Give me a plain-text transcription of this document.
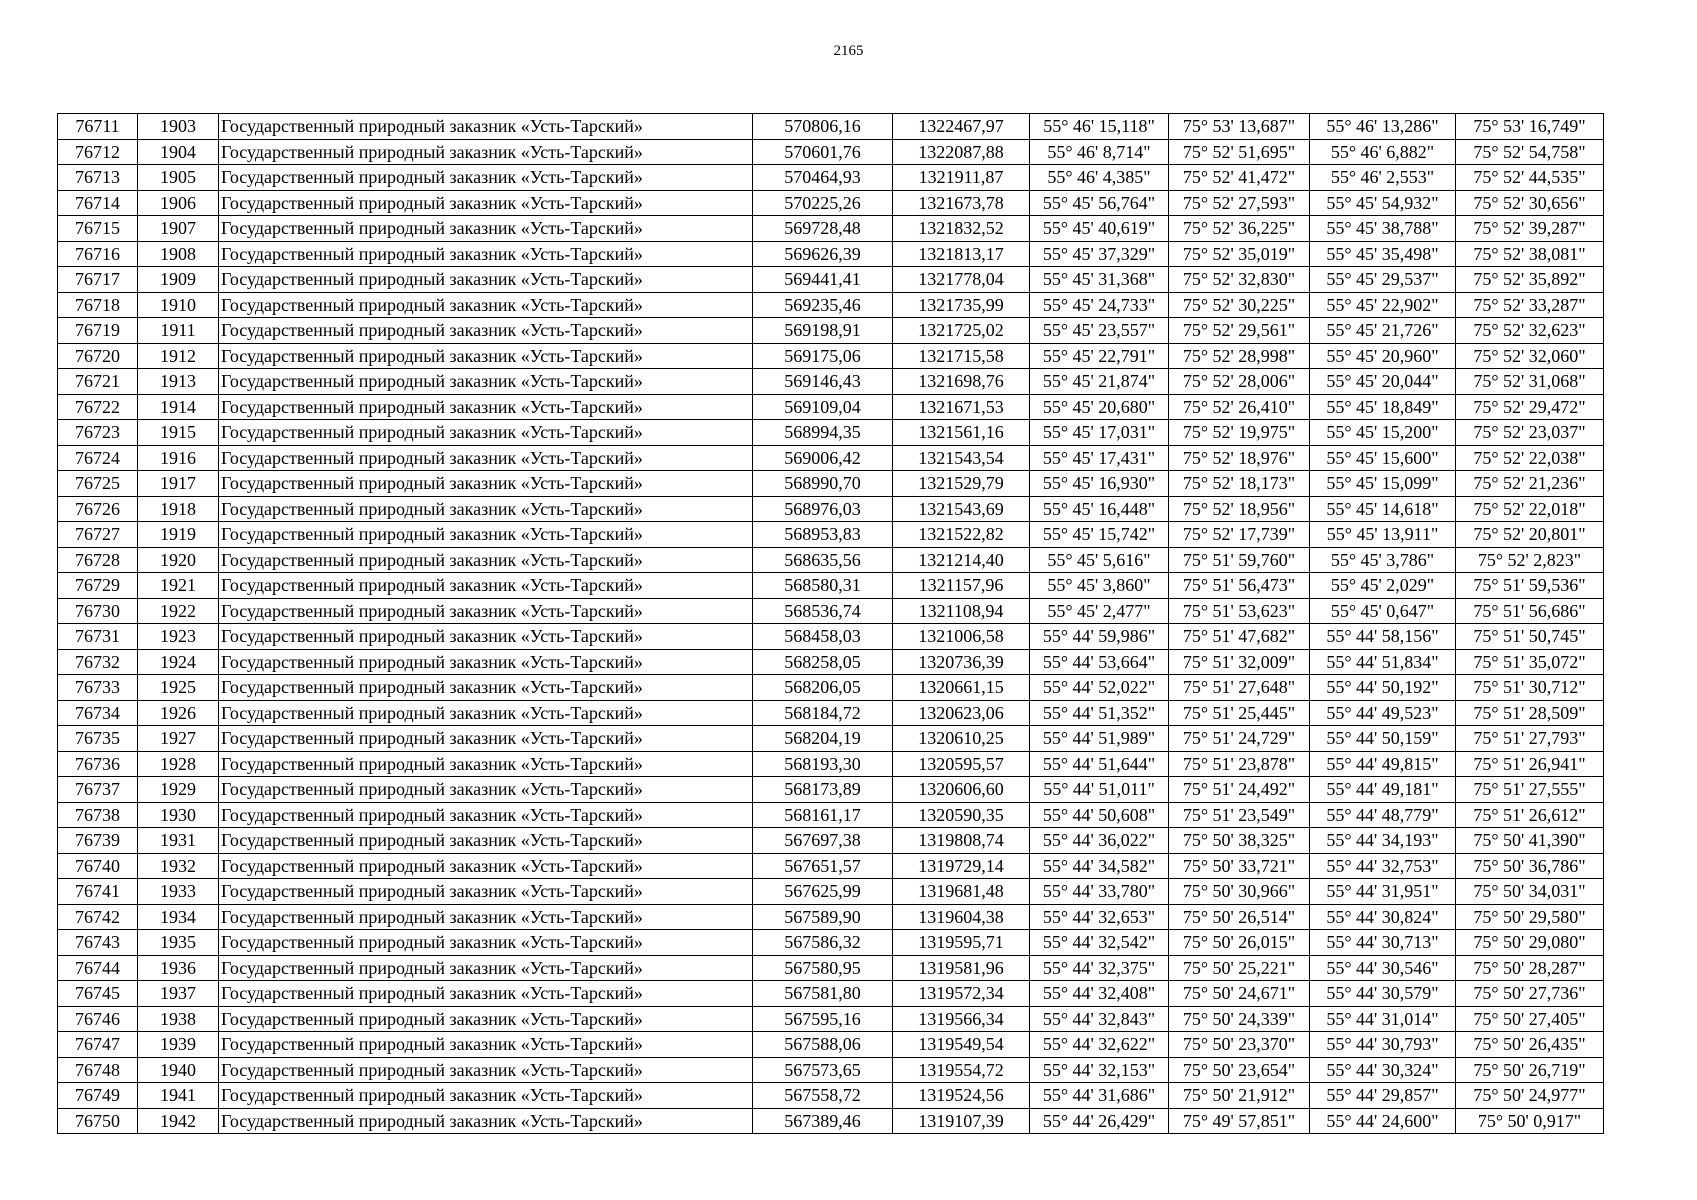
2165
76711	1903	Государственный природный заказник «Усть-Тарский»	570806,16	1322467,97	55° 46' 15,118"	75° 53' 13,687"	55° 46' 13,286"	75° 53' 16,749"
76712	1904	Государственный природный заказник «Усть-Тарский»	570601,76	1322087,88	55° 46' 8,714"	75° 52' 51,695"	55° 46' 6,882"	75° 52' 54,758"
76713	1905	Государственный природный заказник «Усть-Тарский»	570464,93	1321911,87	55° 46' 4,385"	75° 52' 41,472"	55° 46' 2,553"	75° 52' 44,535"
76714	1906	Государственный природный заказник «Усть-Тарский»	570225,26	1321673,78	55° 45' 56,764"	75° 52' 27,593"	55° 45' 54,932"	75° 52' 30,656"
76715	1907	Государственный природный заказник «Усть-Тарский»	569728,48	1321832,52	55° 45' 40,619"	75° 52' 36,225"	55° 45' 38,788"	75° 52' 39,287"
76716	1908	Государственный природный заказник «Усть-Тарский»	569626,39	1321813,17	55° 45' 37,329"	75° 52' 35,019"	55° 45' 35,498"	75° 52' 38,081"
76717	1909	Государственный природный заказник «Усть-Тарский»	569441,41	1321778,04	55° 45' 31,368"	75° 52' 32,830"	55° 45' 29,537"	75° 52' 35,892"
76718	1910	Государственный природный заказник «Усть-Тарский»	569235,46	1321735,99	55° 45' 24,733"	75° 52' 30,225"	55° 45' 22,902"	75° 52' 33,287"
76719	1911	Государственный природный заказник «Усть-Тарский»	569198,91	1321725,02	55° 45' 23,557"	75° 52' 29,561"	55° 45' 21,726"	75° 52' 32,623"
76720	1912	Государственный природный заказник «Усть-Тарский»	569175,06	1321715,58	55° 45' 22,791"	75° 52' 28,998"	55° 45' 20,960"	75° 52' 32,060"
76721	1913	Государственный природный заказник «Усть-Тарский»	569146,43	1321698,76	55° 45' 21,874"	75° 52' 28,006"	55° 45' 20,044"	75° 52' 31,068"
76722	1914	Государственный природный заказник «Усть-Тарский»	569109,04	1321671,53	55° 45' 20,680"	75° 52' 26,410"	55° 45' 18,849"	75° 52' 29,472"
76723	1915	Государственный природный заказник «Усть-Тарский»	568994,35	1321561,16	55° 45' 17,031"	75° 52' 19,975"	55° 45' 15,200"	75° 52' 23,037"
76724	1916	Государственный природный заказник «Усть-Тарский»	569006,42	1321543,54	55° 45' 17,431"	75° 52' 18,976"	55° 45' 15,600"	75° 52' 22,038"
76725	1917	Государственный природный заказник «Усть-Тарский»	568990,70	1321529,79	55° 45' 16,930"	75° 52' 18,173"	55° 45' 15,099"	75° 52' 21,236"
76726	1918	Государственный природный заказник «Усть-Тарский»	568976,03	1321543,69	55° 45' 16,448"	75° 52' 18,956"	55° 45' 14,618"	75° 52' 22,018"
76727	1919	Государственный природный заказник «Усть-Тарский»	568953,83	1321522,82	55° 45' 15,742"	75° 52' 17,739"	55° 45' 13,911"	75° 52' 20,801"
76728	1920	Государственный природный заказник «Усть-Тарский»	568635,56	1321214,40	55° 45' 5,616"	75° 51' 59,760"	55° 45' 3,786"	75° 52' 2,823"
76729	1921	Государственный природный заказник «Усть-Тарский»	568580,31	1321157,96	55° 45' 3,860"	75° 51' 56,473"	55° 45' 2,029"	75° 51' 59,536"
76730	1922	Государственный природный заказник «Усть-Тарский»	568536,74	1321108,94	55° 45' 2,477"	75° 51' 53,623"	55° 45' 0,647"	75° 51' 56,686"
76731	1923	Государственный природный заказник «Усть-Тарский»	568458,03	1321006,58	55° 44' 59,986"	75° 51' 47,682"	55° 44' 58,156"	75° 51' 50,745"
76732	1924	Государственный природный заказник «Усть-Тарский»	568258,05	1320736,39	55° 44' 53,664"	75° 51' 32,009"	55° 44' 51,834"	75° 51' 35,072"
76733	1925	Государственный природный заказник «Усть-Тарский»	568206,05	1320661,15	55° 44' 52,022"	75° 51' 27,648"	55° 44' 50,192"	75° 51' 30,712"
76734	1926	Государственный природный заказник «Усть-Тарский»	568184,72	1320623,06	55° 44' 51,352"	75° 51' 25,445"	55° 44' 49,523"	75° 51' 28,509"
76735	1927	Государственный природный заказник «Усть-Тарский»	568204,19	1320610,25	55° 44' 51,989"	75° 51' 24,729"	55° 44' 50,159"	75° 51' 27,793"
76736	1928	Государственный природный заказник «Усть-Тарский»	568193,30	1320595,57	55° 44' 51,644"	75° 51' 23,878"	55° 44' 49,815"	75° 51' 26,941"
76737	1929	Государственный природный заказник «Усть-Тарский»	568173,89	1320606,60	55° 44' 51,011"	75° 51' 24,492"	55° 44' 49,181"	75° 51' 27,555"
76738	1930	Государственный природный заказник «Усть-Тарский»	568161,17	1320590,35	55° 44' 50,608"	75° 51' 23,549"	55° 44' 48,779"	75° 51' 26,612"
76739	1931	Государственный природный заказник «Усть-Тарский»	567697,38	1319808,74	55° 44' 36,022"	75° 50' 38,325"	55° 44' 34,193"	75° 50' 41,390"
76740	1932	Государственный природный заказник «Усть-Тарский»	567651,57	1319729,14	55° 44' 34,582"	75° 50' 33,721"	55° 44' 32,753"	75° 50' 36,786"
76741	1933	Государственный природный заказник «Усть-Тарский»	567625,99	1319681,48	55° 44' 33,780"	75° 50' 30,966"	55° 44' 31,951"	75° 50' 34,031"
76742	1934	Государственный природный заказник «Усть-Тарский»	567589,90	1319604,38	55° 44' 32,653"	75° 50' 26,514"	55° 44' 30,824"	75° 50' 29,580"
76743	1935	Государственный природный заказник «Усть-Тарский»	567586,32	1319595,71	55° 44' 32,542"	75° 50' 26,015"	55° 44' 30,713"	75° 50' 29,080"
76744	1936	Государственный природный заказник «Усть-Тарский»	567580,95	1319581,96	55° 44' 32,375"	75° 50' 25,221"	55° 44' 30,546"	75° 50' 28,287"
76745	1937	Государственный природный заказник «Усть-Тарский»	567581,80	1319572,34	55° 44' 32,408"	75° 50' 24,671"	55° 44' 30,579"	75° 50' 27,736"
76746	1938	Государственный природный заказник «Усть-Тарский»	567595,16	1319566,34	55° 44' 32,843"	75° 50' 24,339"	55° 44' 31,014"	75° 50' 27,405"
76747	1939	Государственный природный заказник «Усть-Тарский»	567588,06	1319549,54	55° 44' 32,622"	75° 50' 23,370"	55° 44' 30,793"	75° 50' 26,435"
76748	1940	Государственный природный заказник «Усть-Тарский»	567573,65	1319554,72	55° 44' 32,153"	75° 50' 23,654"	55° 44' 30,324"	75° 50' 26,719"
76749	1941	Государственный природный заказник «Усть-Тарский»	567558,72	1319524,56	55° 44' 31,686"	75° 50' 21,912"	55° 44' 29,857"	75° 50' 24,977"
76750	1942	Государственный природный заказник «Усть-Тарский»	567389,46	1319107,39	55° 44' 26,429"	75° 49' 57,851"	55° 44' 24,600"	75° 50' 0,917"
